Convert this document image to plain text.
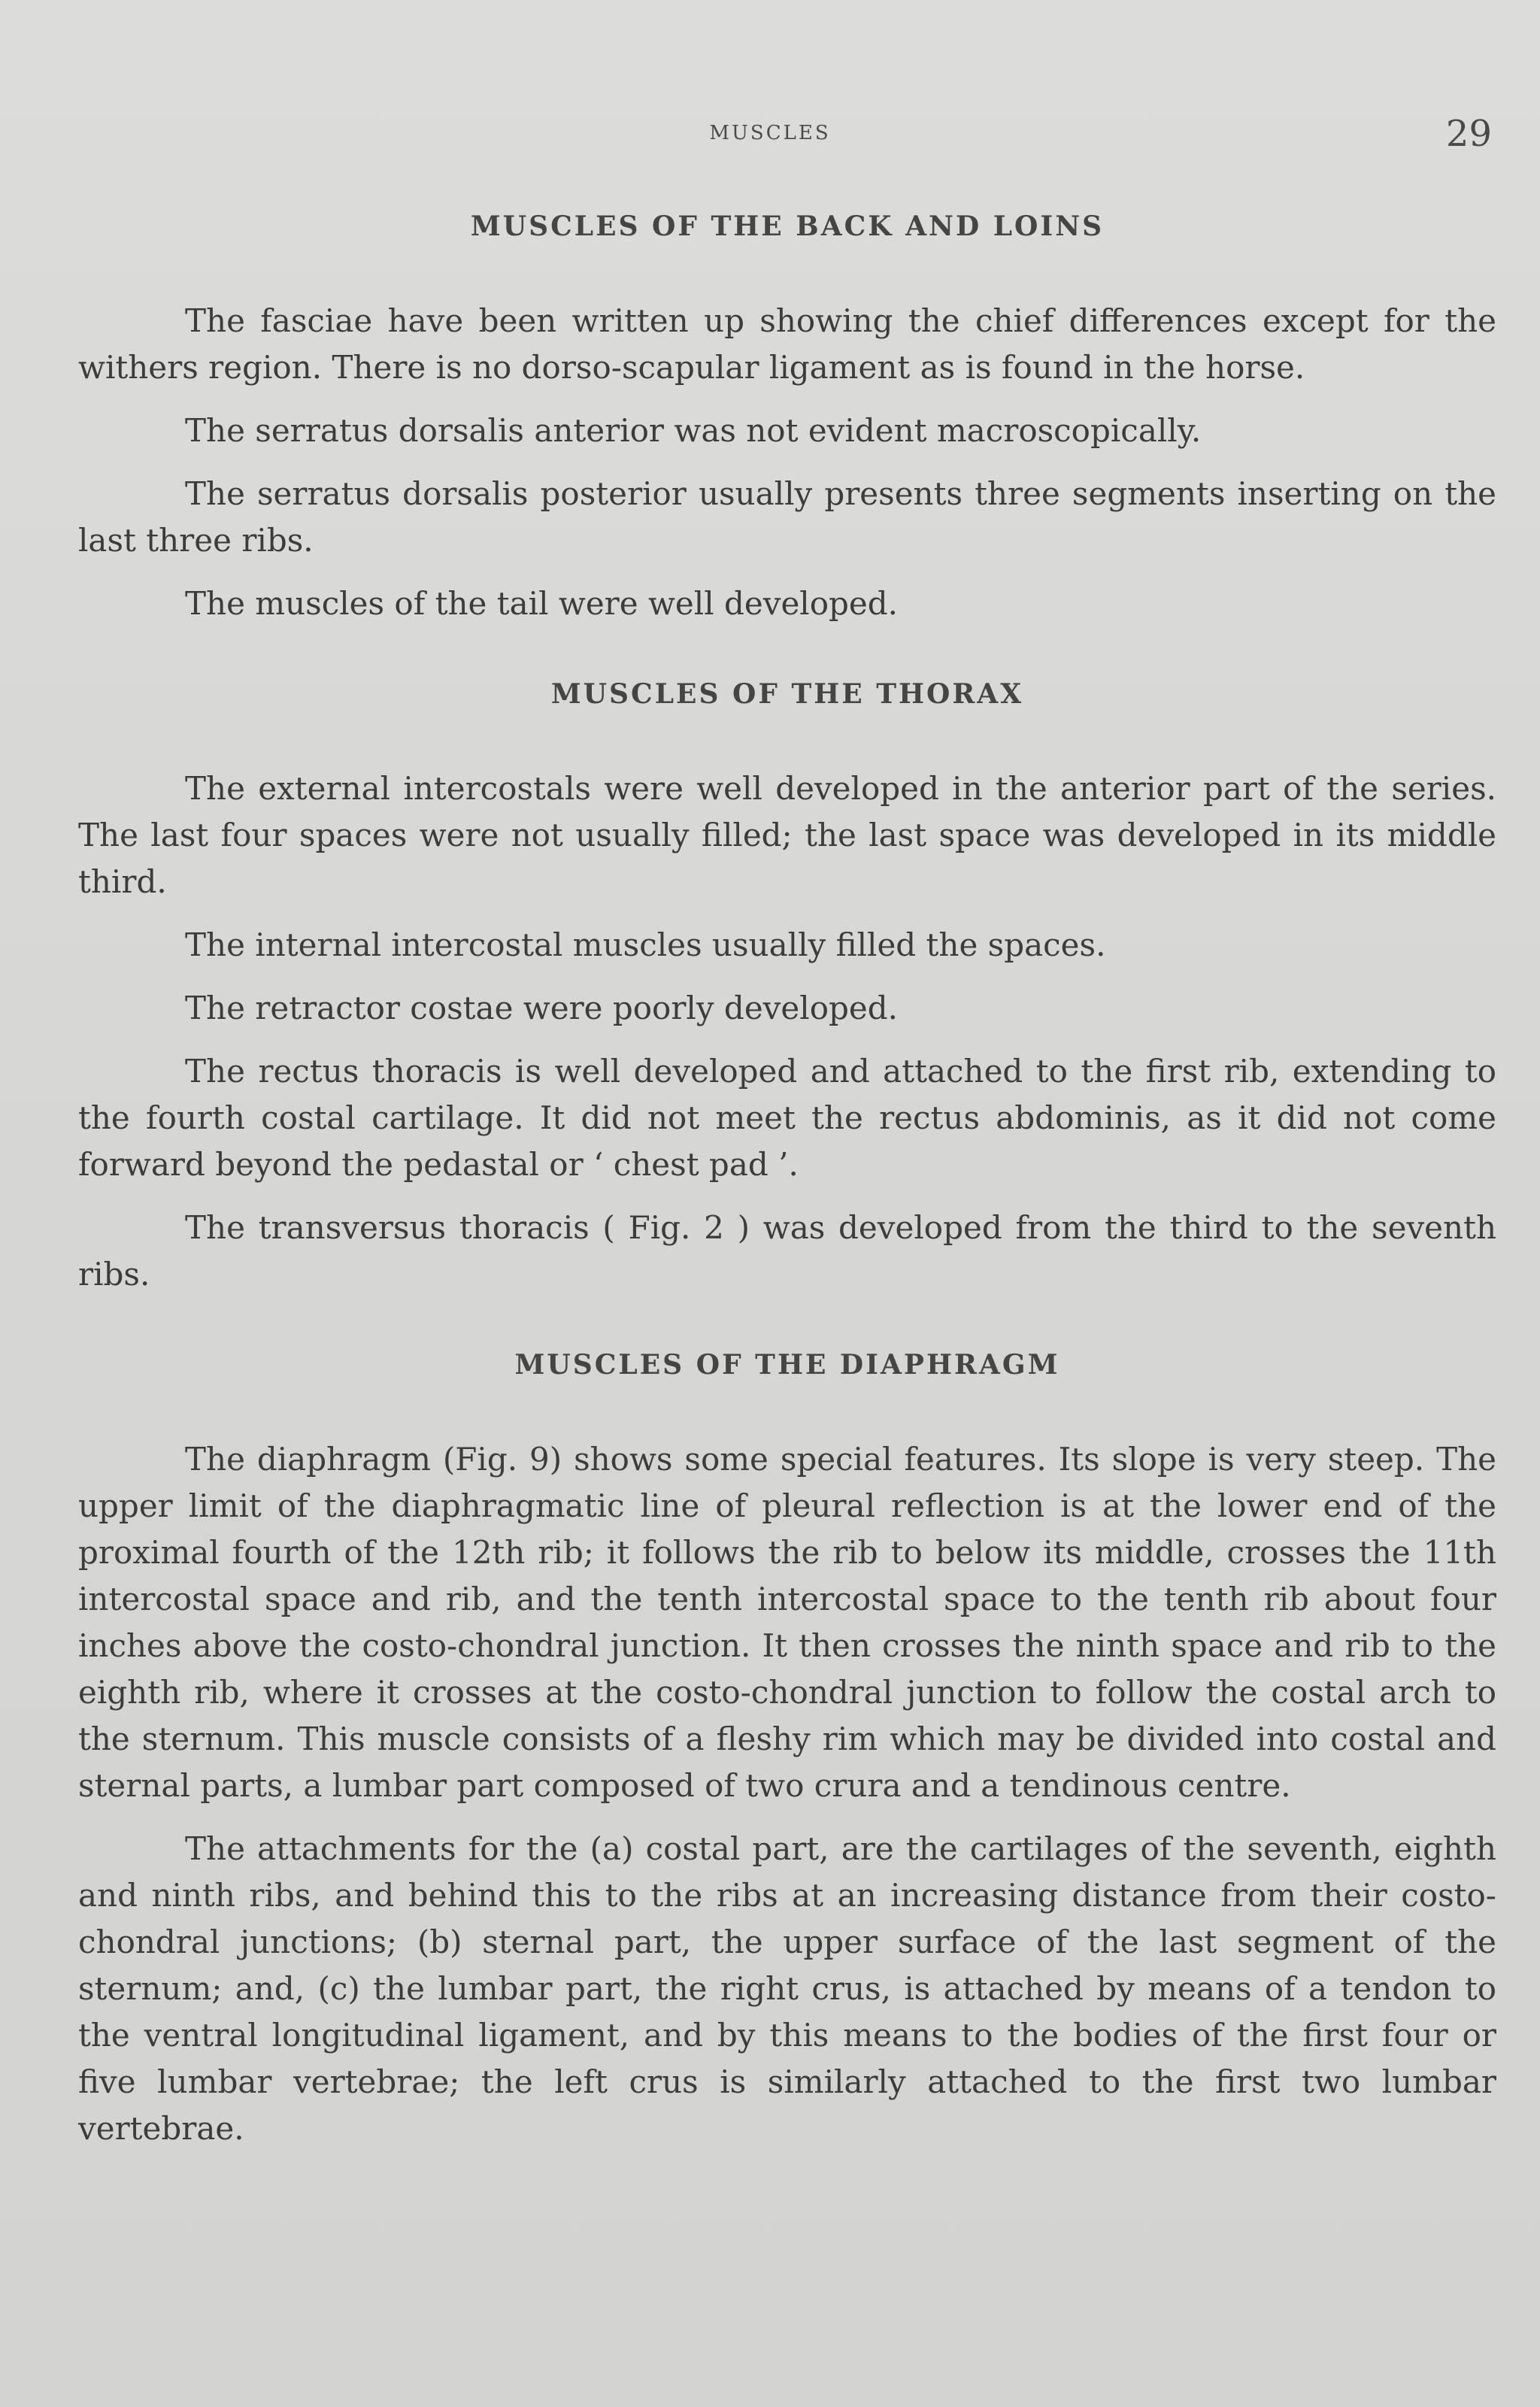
MUSCLES	29
MUSCLES OF THE BACK AND LOINS

The fasciae have been written up showing the chief differences except for the withers region. There is no dorso-scapular ligament as is found in the horse.

The serratus dorsalis anterior was not evident macroscopically.

The serratus dorsalis posterior usually presents three segments inserting on the last three ribs.

The muscles of the tail were well developed.

MUSCLES OF THE THORAX

The external intercostals were well developed in the anterior part of the series. The last four spaces were not usually filled; the last space was developed in its middle third.

The internal intercostal muscles usually filled the spaces.

The retractor costae were poorly developed.

The rectus thoracis is well developed and attached to the first rib, extending to the fourth costal cartilage. It did not meet the rectus abdominis, as it did not come forward beyond the pedastal or ‘ chest pad ’.

The transversus thoracis ( Fig. 2 ) was developed from the third to the seventh ribs.

MUSCLES OF THE DIAPHRAGM

The diaphragm (Fig. 9) shows some special features. Its slope is very steep. The upper limit of the diaphragmatic line of pleural reflection is at the lower end of the proximal fourth of the 12th rib; it follows the rib to below its middle, crosses the 11th intercostal space and rib, and the tenth intercostal space to the tenth rib about four inches above the costo-chondral junction. It then crosses the ninth space and rib to the eighth rib, where it crosses at the costo-chondral junction to follow the costal arch to the sternum. This muscle consists of a fleshy rim which may be divided into costal and sternal parts, a lumbar part composed of two crura and a tendinous centre.

The attachments for the (a) costal part, are the cartilages of the seventh, eighth and ninth ribs, and behind this to the ribs at an increasing distance from their costo-chondral junctions; (b) sternal part, the upper surface of the last segment of the sternum; and, (c) the lumbar part, the right crus, is attached by means of a tendon to the ventral longitudinal ligament, and by this means to the bodies of the first four or five lumbar vertebrae; the left crus is similarly attached to the first two lumbar vertebrae.
